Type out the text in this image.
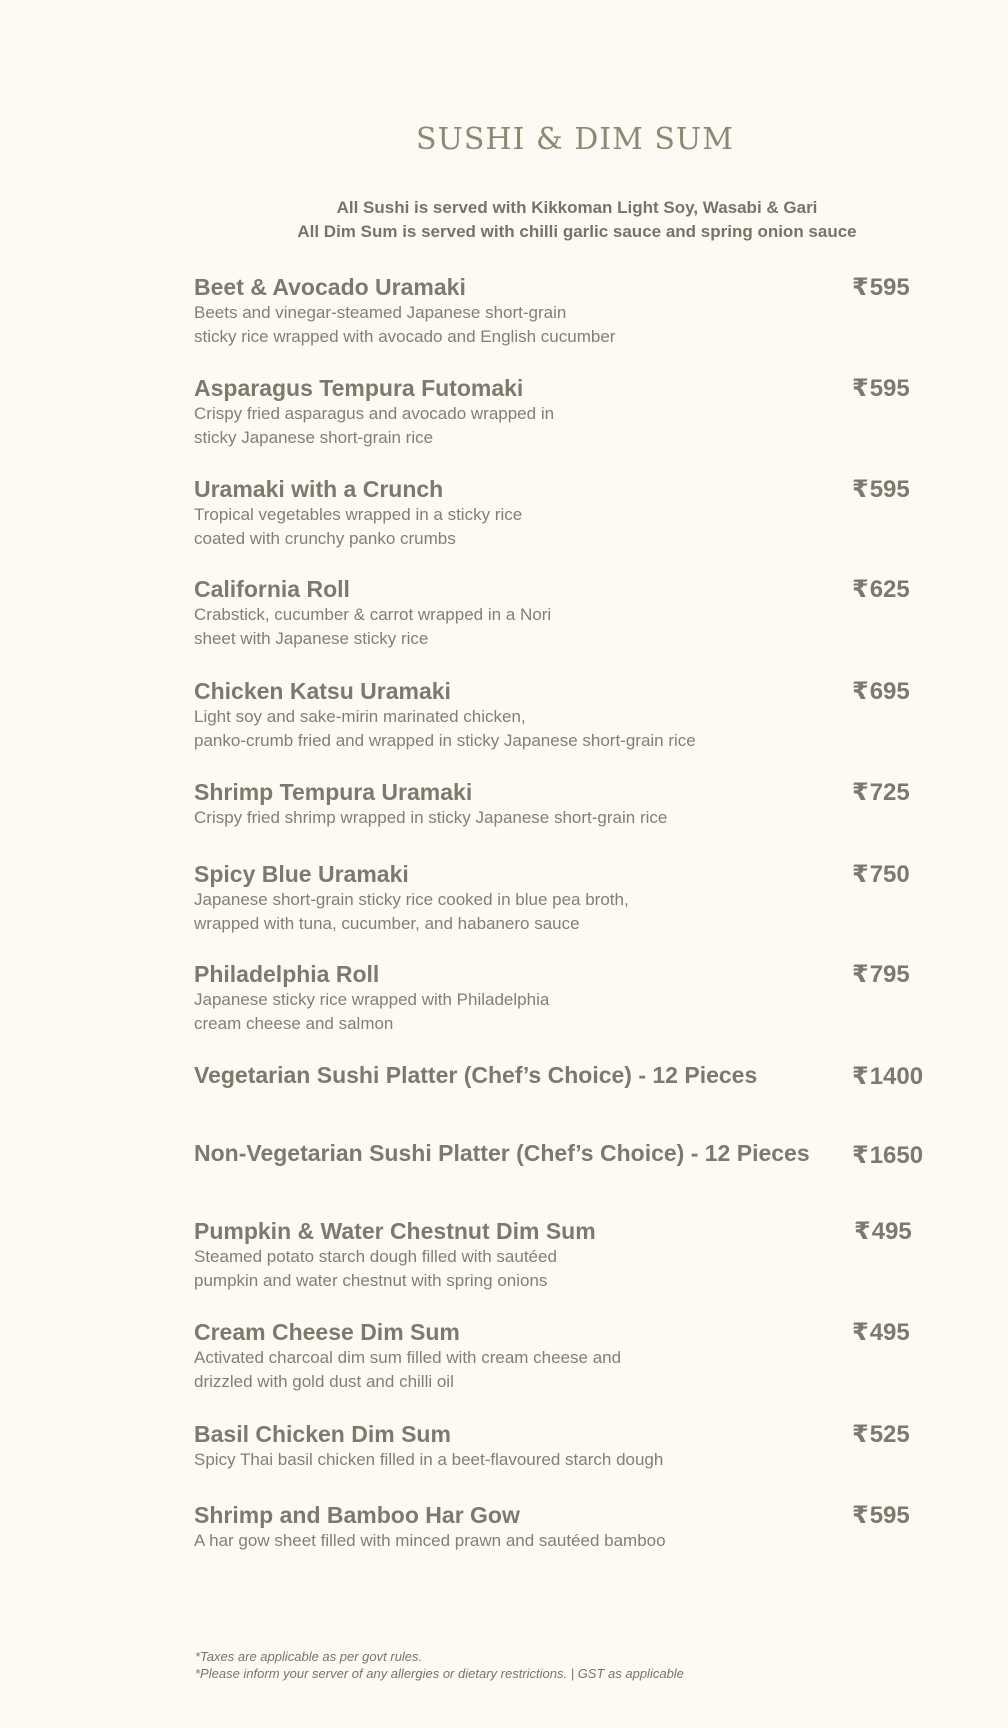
SUSHI & DIM SUM
All Sushi is served with Kikkoman Light Soy, Wasabi & Gari
All Dim Sum is served with chilli garlic sauce and spring onion sauce
Beet & Avocado Uramaki
Beets and vinegar-steamed Japanese short-grain
sticky rice wrapped with avocado and English cucumber
₹595
Asparagus Tempura Futomaki
Crispy fried asparagus and avocado wrapped in
sticky Japanese short-grain rice
₹595
Uramaki with a Crunch
Tropical vegetables wrapped in a sticky rice
coated with crunchy panko crumbs
₹595
California Roll
Crabstick, cucumber & carrot wrapped in a Nori
sheet with Japanese sticky rice
₹625
Chicken Katsu Uramaki
Light soy and sake-mirin marinated chicken,
panko-crumb fried and wrapped in sticky Japanese short-grain rice
₹695
Shrimp Tempura Uramaki
Crispy fried shrimp wrapped in sticky Japanese short-grain rice
₹725
Spicy Blue Uramaki
Japanese short-grain sticky rice cooked in blue pea broth,
wrapped with tuna, cucumber, and habanero sauce
₹750
Philadelphia Roll
Japanese sticky rice wrapped with Philadelphia
cream cheese and salmon
₹795
Vegetarian Sushi Platter (Chef’s Choice) - 12 Pieces	₹1400
Non-Vegetarian Sushi Platter (Chef’s Choice) - 12 Pieces	₹1650
Pumpkin & Water Chestnut Dim Sum
Steamed potato starch dough filled with sautéed
pumpkin and water chestnut with spring onions
₹495
Cream Cheese Dim Sum
Activated charcoal dim sum filled with cream cheese and
drizzled with gold dust and chilli oil
₹495
Basil Chicken Dim Sum
Spicy Thai basil chicken filled in a beet-flavoured starch dough
₹525
Shrimp and Bamboo Har Gow
A har gow sheet filled with minced prawn and sautéed bamboo
₹595
*Taxes are applicable as per govt rules.
*Please inform your server of any allergies or dietary restrictions. | GST as applicable
